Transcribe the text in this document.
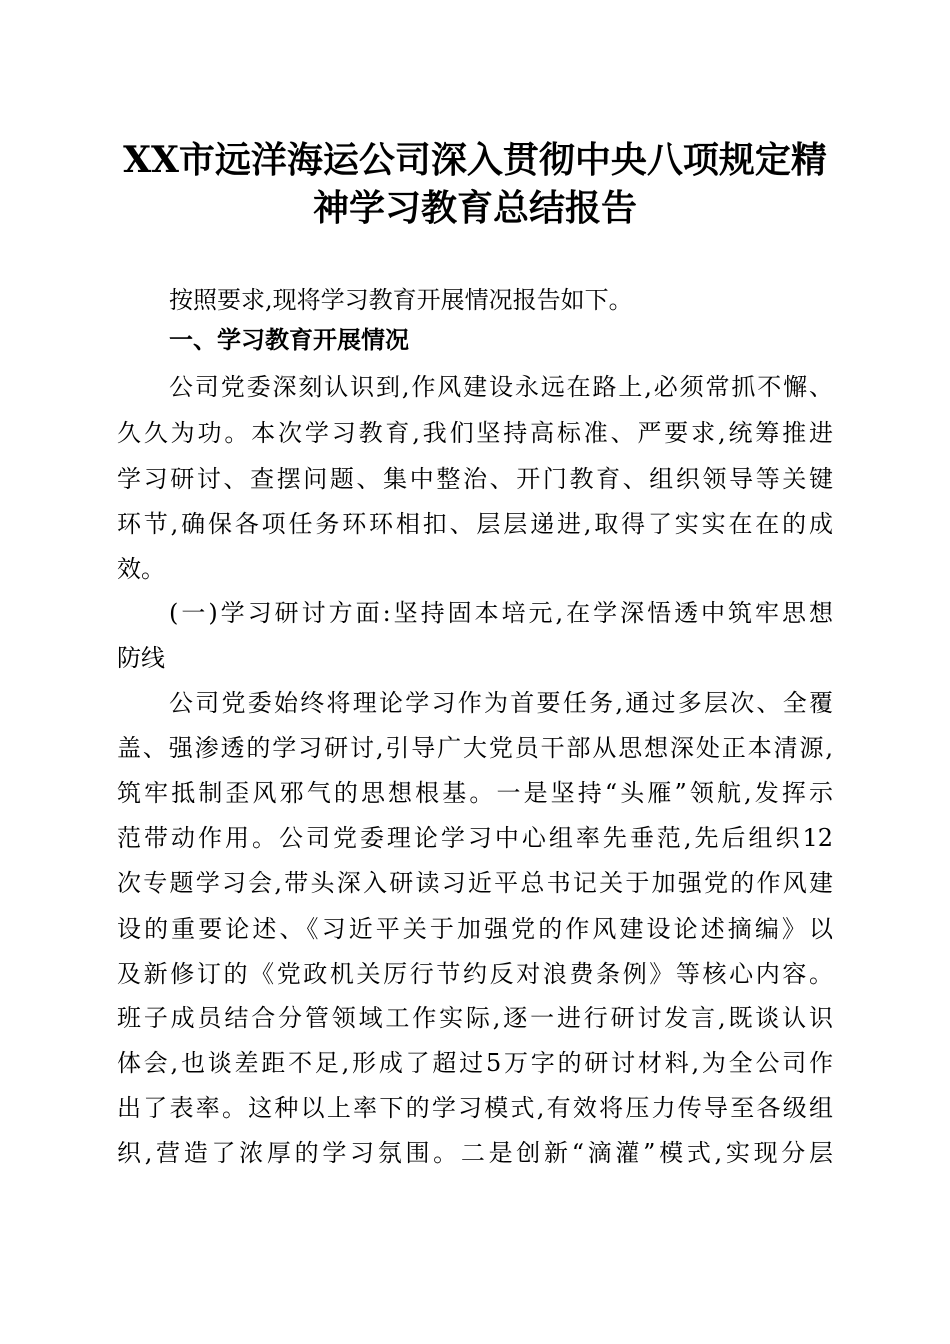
XX市远洋海运公司深入贯彻中央八项规定精
神学习教育总结报告
按照要求,现将学习教育开展情况报告如下。
一、学习教育开展情况
公司党委深刻认识到,作风建设永远在路上,必须常抓不懈、
久久为功。本次学习教育,我们坚持高标准、严要求,统筹推进
学习研讨、查摆问题、集中整治、开门教育、组织领导等关键
环节,确保各项任务环环相扣、层层递进,取得了实实在在的成
效。
(一)学习研讨方面:坚持固本培元,在学深悟透中筑牢思想
防线
公司党委始终将理论学习作为首要任务,通过多层次、全覆
盖、强渗透的学习研讨,引导广大党员干部从思想深处正本清源,
筑牢抵制歪风邪气的思想根基。一是坚持“头雁”领航,发挥示
范带动作用。公司党委理论学习中心组率先垂范,先后组织12
次专题学习会,带头深入研读习近平总书记关于加强党的作风建
设的重要论述、《习近平关于加强党的作风建设论述摘编》以
及新修订的《党政机关厉行节约反对浪费条例》等核心内容。
班子成员结合分管领域工作实际,逐一进行研讨发言,既谈认识
体会,也谈差距不足,形成了超过5万字的研讨材料,为全公司作
出了表率。这种以上率下的学习模式,有效将压力传导至各级组
织,营造了浓厚的学习氛围。二是创新“滴灌”模式,实现分层
